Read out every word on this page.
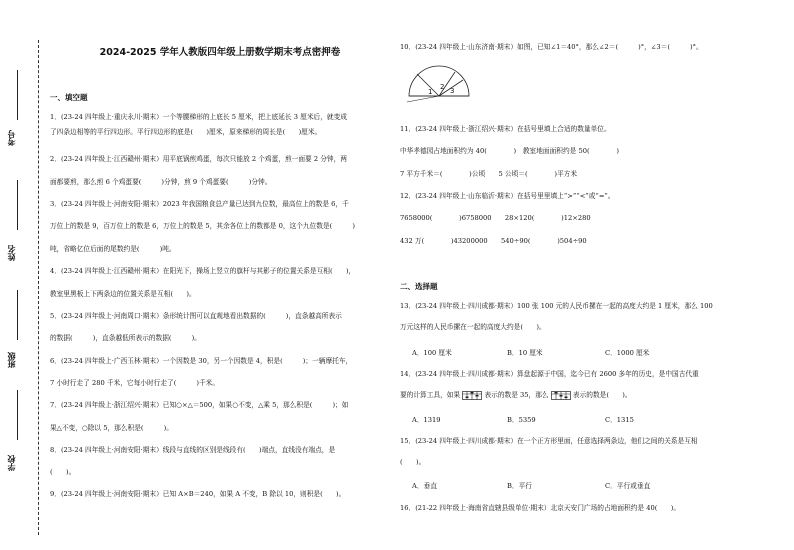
学校
班级
姓名
考号
2024-2025 学年人教版四年级上册数学期末考点密押卷
一、填空题
1．(23-24 四年级上·重庆永川·期末）一个等腰梯形的上底长 5 厘米，把上底延长 3 厘米后，就变成
了四条边相等的平行四边形。平行四边形的底是(　　)厘米，原来梯形的周长是(　　)厘米。
2．(23-24 四年级上·江西赣州·期末）用平底锅煎鸡蛋，每次只能放 2 个鸡蛋，煎一面要 2 分钟，两
面都要煎，那么煎 6 个鸡蛋要(　　　)分钟，煎 9 个鸡蛋要(　　　)分钟。
3．(23-24 四年级上·河南安阳·期末）2023 年我国粮食总产量已达到九位数，最高位上的数是 6，千
万位上的数是 9，百万位上的数是 6，万位上的数是 5，其余各位上的数都是 0，这个九位数是(　　　)
吨，省略亿位后面的尾数约是(　　　)吨。
4．(23-24 四年级上·江西赣州·期末）在阳光下，操场上竖立的旗杆与其影子的位置关系是互相(　　)，
教室里黑板上下两条边的位置关系是互相(　　)。
5．(23-24 四年级上·河南周口·期末）条形统计图可以直观地看出数据的(　　　)，直条越高所表示
的数据(　　　)，直条越低所表示的数据(　　　)。
6．(23-24 四年级上·广西玉林·期末）一个因数是 30，另一个因数是 4，积是(　　　)；一辆摩托车，
7 小时行走了 280 千米，它每小时行走了(　　　)千米。
7．(23-24 四年级上·浙江绍兴·期末）已知○×△＝500，如果○不变，△乘 5，那么积是(　　　)；如
果△不变，○除以 5，那么积是(　　　)。
8．(23-24 四年级上·河南安阳·期末）线段与直线的区别是线段有(　　)端点，直线没有端点，是
(　　)。
9．(23-24 四年级上·河南安阳·期末）已知 A×B＝240，如果 A 不变，B 除以 10，则积是(　　)。
10．(23-24 四年级上·山东济南·期末）如图，已知∠1＝40°，那么∠2＝(　　　)°，∠3＝(　　　)°。
1
2 3
11．(23-24 四年级上·浙江绍兴·期末）在括号里填上合适的数量单位。
中华孝德园占地面积约为 40(　　　　)　教室地面面积约是 50(　　　　)
7 平方千米＝(　　　　)公顷　　5 公顷＝(　　　　)平方米
12．(23-24 四年级上·山东临沂·期末）在括号里里填上“>”“<”或“=”。
7658000(　　　　)6758000　　28×120(　　　　)12×280
432 万(　　　　)43200000　　540÷90(　　　　)504÷90
二、选择题
13．(23-24 四年级上·四川成都·期末）100 张 100 元的人民币摞在一起的高度大约是 1 厘米，那么 100
万元这样的人民币摞在一起的高度大约是(　　)。
A．100 厘米	B．10 厘米	C．1000 厘米
14．(23-24 四年级上·四川成都·期末）算盘起源于中国，迄今已有 2600 多年的历史，是中国古代重
要的计算工具，如果	表示的数是 35，那么	表示的数是(　　)。
A．1319	B．5359	C．1315
15．(23-24 四年级上·四川成都·期末）在一个正方形里面，任意选择两条边，他们之间的关系是互相
(　　)。
A．垂直	B．平行	C．平行或垂直
16．(21-22 四年级上·海南省直辖县级单位·期末）北京天安门广场的占地面积约是 40(　　)。
